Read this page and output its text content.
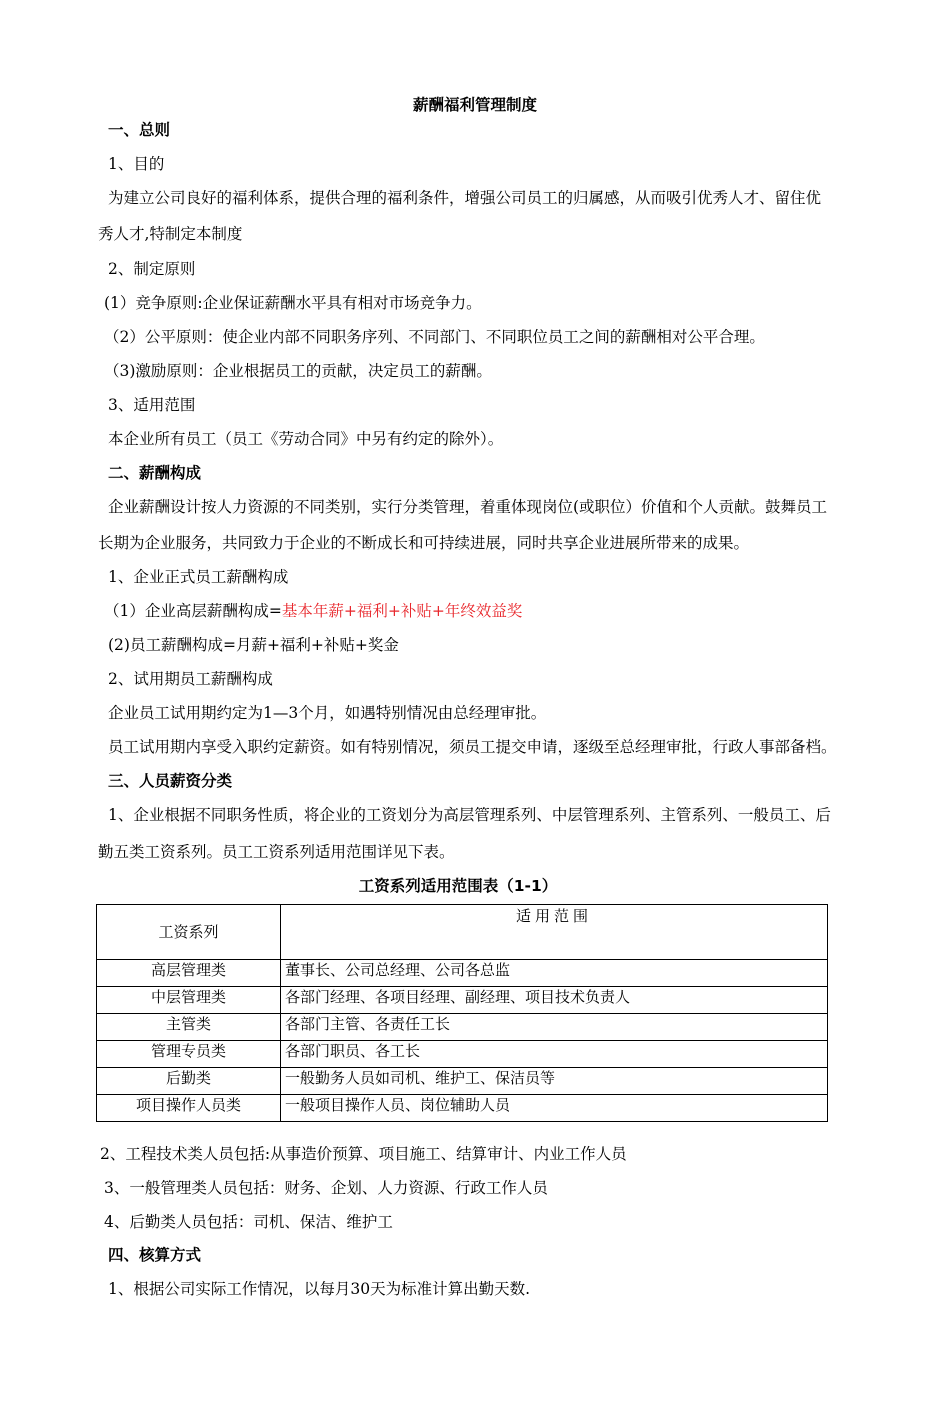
薪酬福利管理制度
一、总则
1、目的
为建立公司良好的福利体系，提供合理的福利条件，增强公司员工的归属感，从而吸引优秀人才、留住优
秀人才,特制定本制度
2、制定原则
(1）竞争原则:企业保证薪酬水平具有相对市场竞争力。
（2）公平原则：使企业内部不同职务序列、不同部门、不同职位员工之间的薪酬相对公平合理。
（3)激励原则：企业根据员工的贡献，决定员工的薪酬。
3、适用范围
本企业所有员工（员工《劳动合同》中另有约定的除外）。
二、薪酬构成
企业薪酬设计按人力资源的不同类别，实行分类管理，着重体现岗位(或职位）价值和个人贡献。鼓舞员工
长期为企业服务，共同致力于企业的不断成长和可持续进展，同时共享企业进展所带来的成果。
1、企业正式员工薪酬构成
（1）企业高层薪酬构成=基本年薪+福利+补贴+年终效益奖
(2)员工薪酬构成=月薪+福利+补贴+奖金
2、试用期员工薪酬构成
企业员工试用期约定为1—3个月，如遇特别情况由总经理审批。
员工试用期内享受入职约定薪资。如有特别情况，须员工提交申请，逐级至总经理审批，行政人事部备档。
三、人员薪资分类
1、企业根据不同职务性质，将企业的工资划分为高层管理系列、中层管理系列、主管系列、一般员工、后
勤五类工资系列。员工工资系列适用范围详见下表。
工资系列适用范围表（1-1）
工资系列	适用范围
高层管理类	董事长、公司总经理、公司各总监
中层管理类	各部门经理、各项目经理、副经理、项目技术负责人
主管类	各部门主管、各责任工长
管理专员类	各部门职员、各工长
后勤类	一般勤务人员如司机、维护工、保洁员等
项目操作人员类	一般项目操作人员、岗位辅助人员
2、工程技术类人员包括:从事造价预算、项目施工、结算审计、内业工作人员
3、一般管理类人员包括：财务、企划、人力资源、行政工作人员
4、后勤类人员包括：司机、保洁、维护工
四、核算方式
1、根据公司实际工作情况，以每月30天为标准计算出勤天数.
